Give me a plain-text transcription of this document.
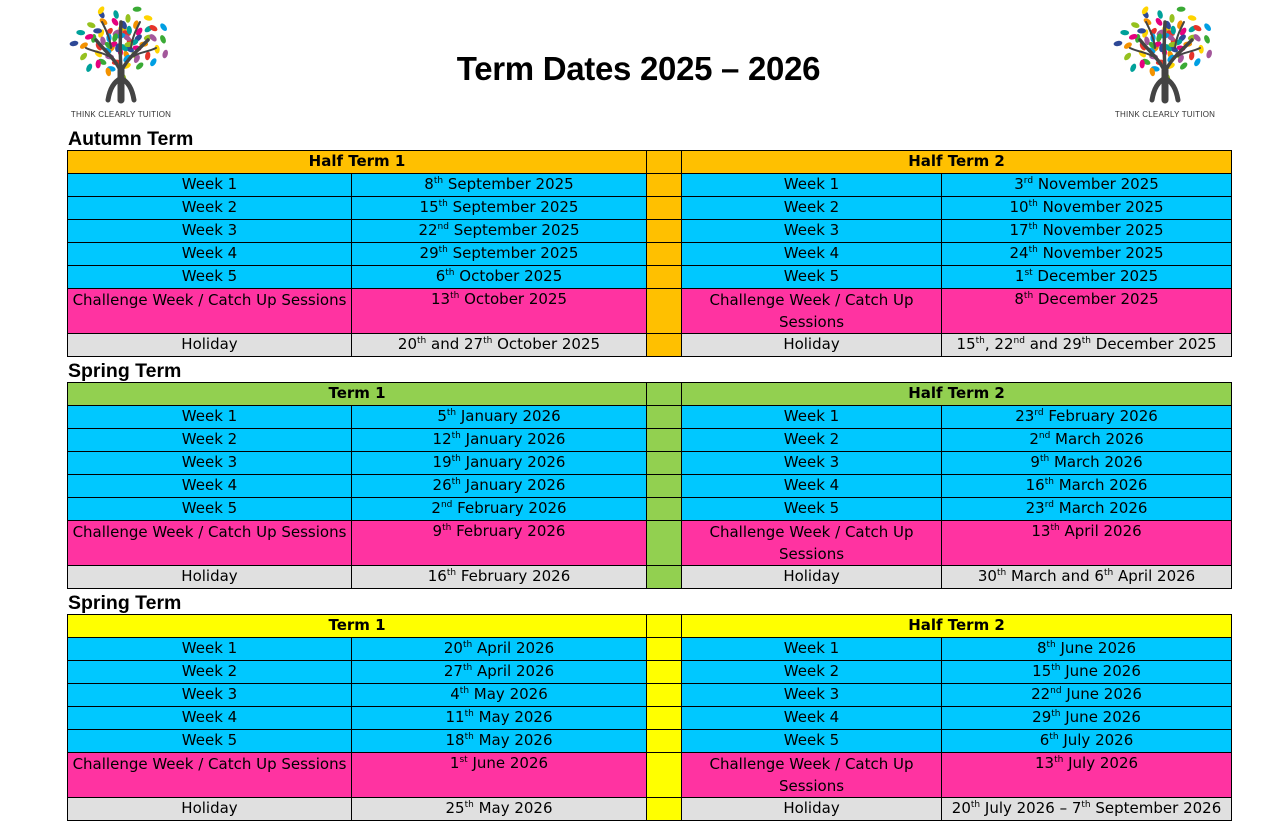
THINK CLEARLY TUITION	THINK CLEARLY TUITION
Term Dates 2025 – 2026
Autumn Term
Half Term 1			Half Term 2	
Week 1	8th September 2025		Week 1	3rd November 2025
Week 2	15th September 2025		Week 2	10th November 2025
Week 3	22nd September 2025		Week 3	17th November 2025
Week 4	29th September 2025		Week 4	24th November 2025
Week 5	6th October 2025		Week 5	1st December 2025
Challenge Week / Catch Up Sessions	13th October 2025		Challenge Week / Catch Up Sessions	8th December 2025
Holiday	20th and 27th October 2025		Holiday	15th, 22nd and 29th December 2025
Spring Term
Term 1			Half Term 2	
Week 1	5th January 2026		Week 1	23rd February 2026
Week 2	12th January 2026		Week 2	2nd March 2026
Week 3	19th January 2026		Week 3	9th March 2026
Week 4	26th January 2026		Week 4	16th March 2026
Week 5	2nd February 2026		Week 5	23rd March 2026
Challenge Week / Catch Up Sessions	9th February 2026		Challenge Week / Catch Up Sessions	13th April 2026
Holiday	16th February 2026		Holiday	30th March and 6th April 2026
Spring Term
Term 1			Half Term 2	
Week 1	20th April 2026		Week 1	8th June 2026
Week 2	27th April 2026		Week 2	15th June 2026
Week 3	4th May 2026		Week 3	22nd June 2026
Week 4	11th May 2026		Week 4	29th June 2026
Week 5	18th May 2026		Week 5	6th July 2026
Challenge Week / Catch Up Sessions	1st June 2026		Challenge Week / Catch Up Sessions	13th July 2026
Holiday	25th May 2026		Holiday	20th July 2026 – 7th September 2026
